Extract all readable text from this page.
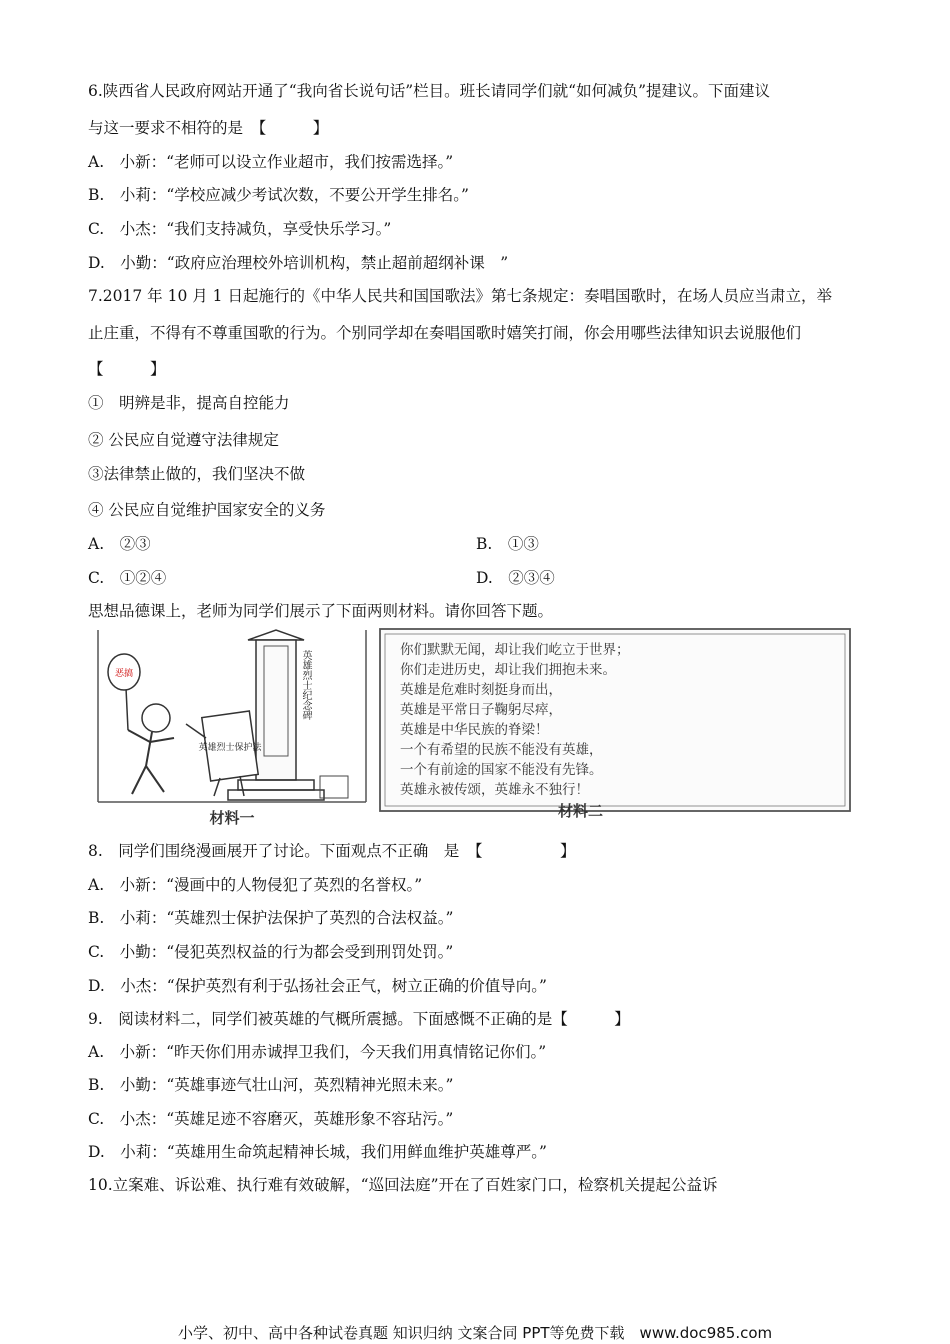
6.陕西省人民政府网站开通了“我向省长说句话”栏目。班长请同学们就“如何减负”提建议。下面建议
与这一要求不相符的是　【　　　】
A.　小新：“老师可以设立作业超市，我们按需选择。”
B.　小莉：“学校应减少考试次数，不要公开学生排名。”
C.　小杰：“我们支持减负，享受快乐学习。”
D.　小勤：“政府应治理校外培训机构，禁止超前超纲补课　”
7.2017 年 10 月 1 日起施行的《中华人民共和国国歌法》第七条规定：奏唱国歌时，在场人员应当肃立，举
止庄重，不得有不尊重国歌的行为。个别同学却在奏唱国歌时嬉笑打闹，你会用哪些法律知识去说服他们
【　　　】
①　明辨是非，提高自控能力
② 公民应自觉遵守法律规定
③法律禁止做的，我们坚决不做
④ 公民应自觉维护国家安全的义务
A.　②③	B.　①③
C.　①②④	D.　②③④
思想品德课上，老师为同学们展示了下面两则材料。请你回答下题。
英雄烈士纪念碑
英雄烈士保护法
恶搞
材料一
你们默默无闻，却让我们屹立于世界；
你们走进历史，却让我们拥抱未来。
英雄是危难时刻挺身而出，
英雄是平常日子鞠躬尽瘁，
英雄是中华民族的脊梁！
一个有希望的民族不能没有英雄，
一个有前途的国家不能没有先锋。
英雄永被传颂，英雄永不独行！
材料二
8.　同学们围绕漫画展开了讨论。下面观点不正确　是　【　　　　　】
A.　小新：“漫画中的人物侵犯了英烈的名誉权。”
B.　小莉：“英雄烈士保护法保护了英烈的合法权益。”
C.　小勤：“侵犯英烈权益的行为都会受到刑罚处罚。”
D.　小杰：“保护英烈有利于弘扬社会正气，树立正确的价值导向。”
9.　阅读材料二，同学们被英雄的气概所震撼。下面感慨不正确的是【　　　】
A.　小新：“昨天你们用赤诚捍卫我们，今天我们用真情铭记你们。”
B.　小勤：“英雄事迹气壮山河，英烈精神光照未来。”
C.　小杰：“英雄足迹不容磨灭，英雄形象不容玷污。”
D.　小莉：“英雄用生命筑起精神长城，我们用鲜血维护英雄尊严。”
10.立案难、诉讼难、执行难有效破解，“巡回法庭”开在了百姓家门口，检察机关提起公益诉
小学、初中、高中各种试卷真题 知识归纳 文案合同 PPT等免费下载　www.doc985.com
